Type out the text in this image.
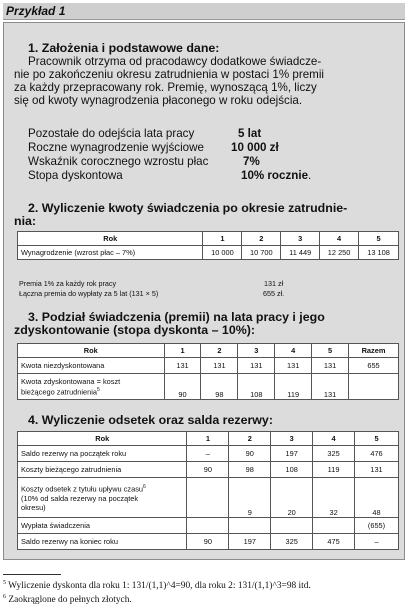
Przykład 1
1. Założenia i podstawowe dane:
Pracownik otrzyma od pracodawcy dodatkowe świadcze-
nie po zakończeniu okresu zatrudnienia w postaci 1% premii
za każdy przepracowany rok. Premię, wynoszącą 1%, liczy
się od kwoty wynagrodzenia płaconego w roku odejścia.
Pozostałe do odejścia lata pracy	5 lat
Roczne wynagrodzenie wyjściowe 10 000 zł
Wskaźnik corocznego wzrostu płac	7%
Stopa dyskontowa	10% rocznie.
2. Wyliczenie kwoty świadczenia po okresie zatrudnie-
nia:
Rok	1	2	3	4	5
Wynagrodzenie (wzrost płac – 7%)	10 000	10 700	11 449	12 250	13 108
Premia 1% za każdy rok pracy	131 zł
Łączna premia do wypłaty za 5 lat (131 × 5)	655 zł.
3. Podział świadczenia (premii) na lata pracy i jego
zdyskontowanie (stopa dyskonta – 10%):
Rok	1	2	3	4	5	Razem
Kwota niezdyskontowana	131	131	131	131	131	655

Kwota zdyskontowana = koszt
bieżącego zatrudnienia$^5$	90	98	108	119	131	
4. Wyliczenie odsetek oraz salda rezerwy:
Rok	1	2	3	4	5
Saldo rezerwy na początek roku	–	90	197	325	476
Koszty bieżącego zatrudnienia	90	98	108	119	131

Koszty odsetek z tytułu upływu czasu$^6$
(10% od salda rezerwy na początek
okresu)		9	20	32	48
Wypłata świadczenia					(655)
Saldo rezerwy na koniec roku	90	197	325	475	–
$^5$ Wyliczenie dyskonta dla roku 1: 131/(1,1)^4=90, dla roku 2: 131/(1,1)^3=98 itd.
$^6$ Zaokrąglone do pełnych złotych.
